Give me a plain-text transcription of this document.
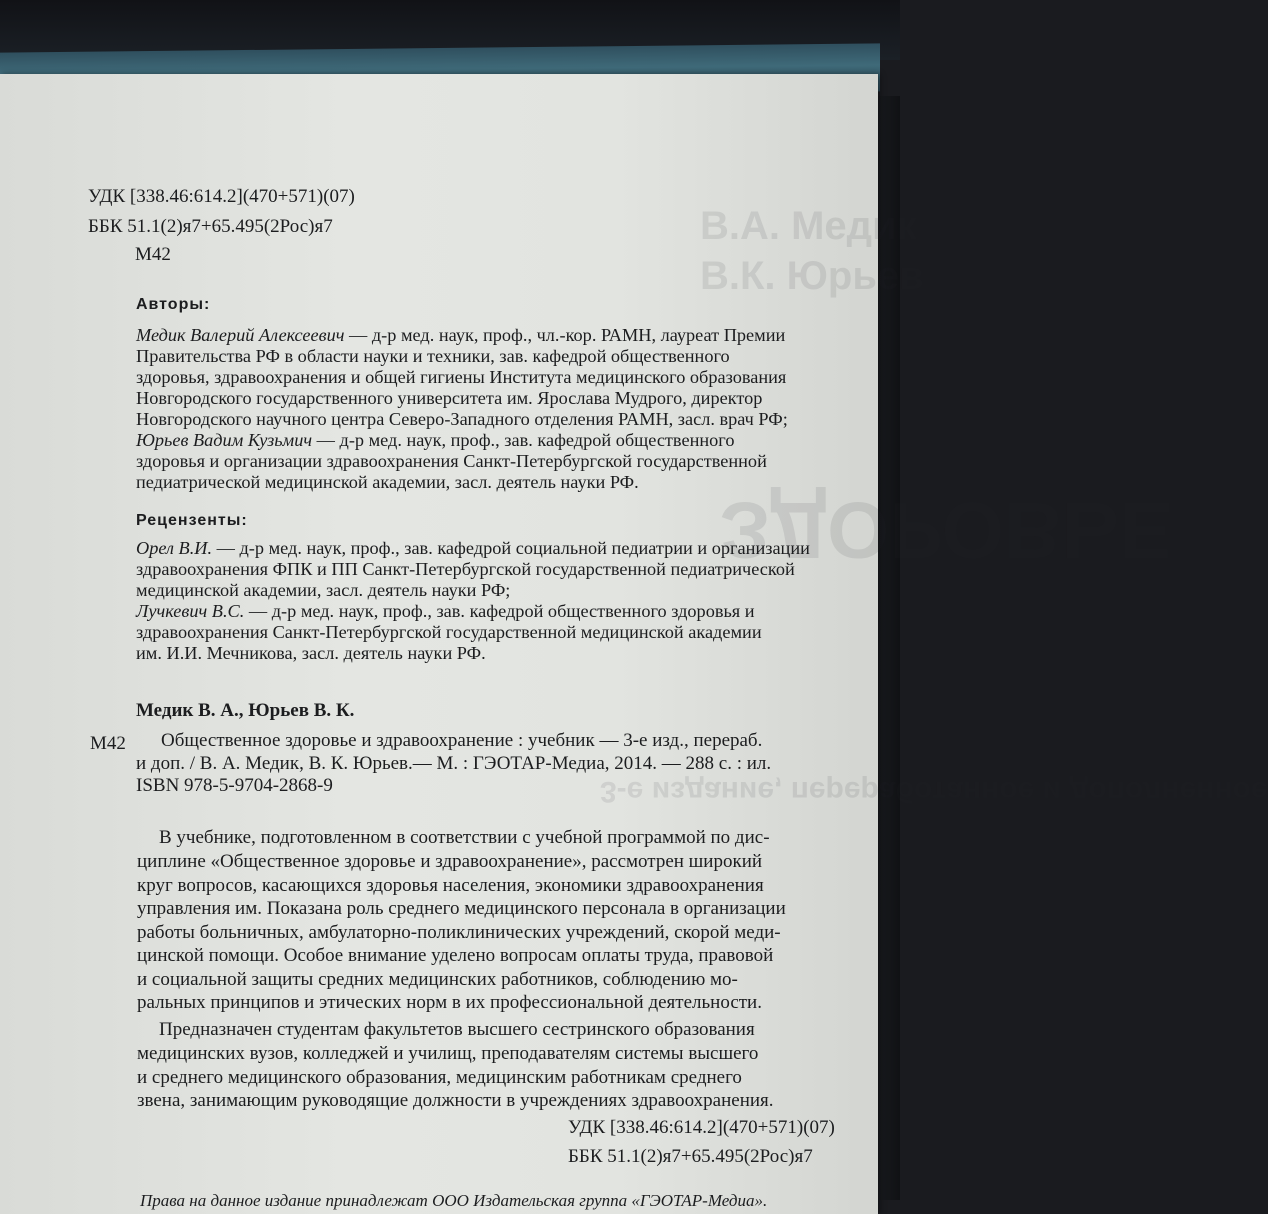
В.А. Медик
В.К. Юрьев
ЗДОРОВЬЕ
3-е издание, переработанное и дополненное
УДК [338.46:614.2](470+571)(07)
ББК 51.1(2)я7+65.495(2Рос)я7
М42
Авторы:

Медик Валерий Алексеевич — д-р мед. наук, проф., чл.-кор. РАМН, лауреат Премии

Правительства РФ в области науки и техники, зав. кафедрой общественного

здоровья, здравоохранения и общей гигиены Института медицинского образования

Новгородского государственного университета им. Ярослава Мудрого, директор

Новгородского научного центра Северо-Западного отделения РАМН, засл. врач РФ;

Юрьев Вадим Кузьмич — д-р мед. наук, проф., зав. кафедрой общественного

здоровья и организации здравоохранения Санкт-Петербургской государственной

педиатрической медицинской академии, засл. деятель науки РФ.

Рецензенты:

Орел В.И. — д-р мед. наук, проф., зав. кафедрой социальной педиатрии и организации

здравоохранения ФПК и ПП Санкт-Петербургской государственной педиатрической

медицинской академии, засл. деятель науки РФ;

Лучкевич В.С. — д-р мед. наук, проф., зав. кафедрой общественного здоровья и

здравоохранения Санкт-Петербургской государственной медицинской академии

им. И.И. Мечникова, засл. деятель науки РФ.

Медик В. А., Юрьев В. К.
М42 Общественное здоровье и здравоохранение : учебник — 3-е изд., перераб.
и доп. / В. А. Медик, В. К. Юрьев.— М. : ГЭОТАР-Медиа, 2014. — 288 с. : ил.
ISBN 978-5-9704-2868-9

В учебнике, подготовленном в соответствии с учебной программой по дис-

циплине «Общественное здоровье и здравоохранение», рассмотрен широкий

круг вопросов, касающихся здоровья населения, экономики здравоохранения

управления им. Показана роль среднего медицинского персонала в организации

работы больничных, амбулаторно-поликлинических учреждений, скорой меди-

цинской помощи. Особое внимание уделено вопросам оплаты труда, правовой

и социальной защиты средних медицинских работников, соблюдению мо-

ральных принципов и этических норм в их профессиональной деятельности.

Предназначен студентам факультетов высшего сестринского образования

медицинских вузов, колледжей и училищ, преподавателям системы высшего

и среднего медицинского образования, медицинским работникам среднего

звена, занимающим руководящие должности в учреждениях здравоохранения.

УДК [338.46:614.2](470+571)(07)
ББК 51.1(2)я7+65.495(2Рос)я7
Права на данное издание принадлежат ООО Издательская группа «ГЭОТАР-Медиа».
